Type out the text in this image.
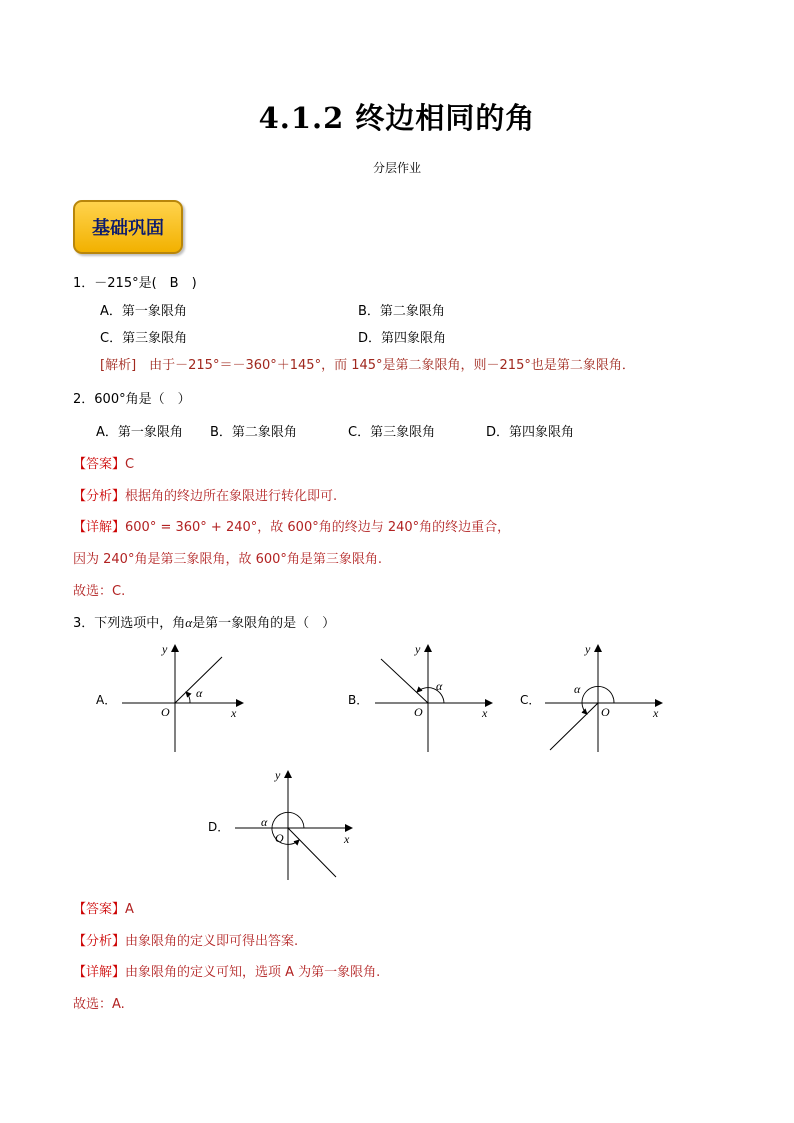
4.1.2 终边相同的角
分层作业
基础巩固
1．－215°是(　B　)
A．第一象限角	B．第二象限角
C．第三象限角	D．第四象限角
[解析]　由于－215°＝－360°＋145°，而 145°是第二象限角，则－215°也是第二象限角．
2．600°角是（　）
A．第一象限角 B．第二象限角	C．第三象限角	D．第四象限角
【答案】C
【分析】根据角的终边所在象限进行转化即可.
【详解】600° = 360° + 240°，故 600°角的终边与 240°角的终边重合，
因为 240°角是第三象限角，故 600°角是第三象限角.
故选：C.
3．下列选项中，角α是第一象限角的是（　）
A．	α
O	x
y
B．
α
O	x
y
C．
α
O	x
y
D．	α
O	x
y
【答案】A
【分析】由象限角的定义即可得出答案.
【详解】由象限角的定义可知，选项 A 为第一象限角.
故选：A.
